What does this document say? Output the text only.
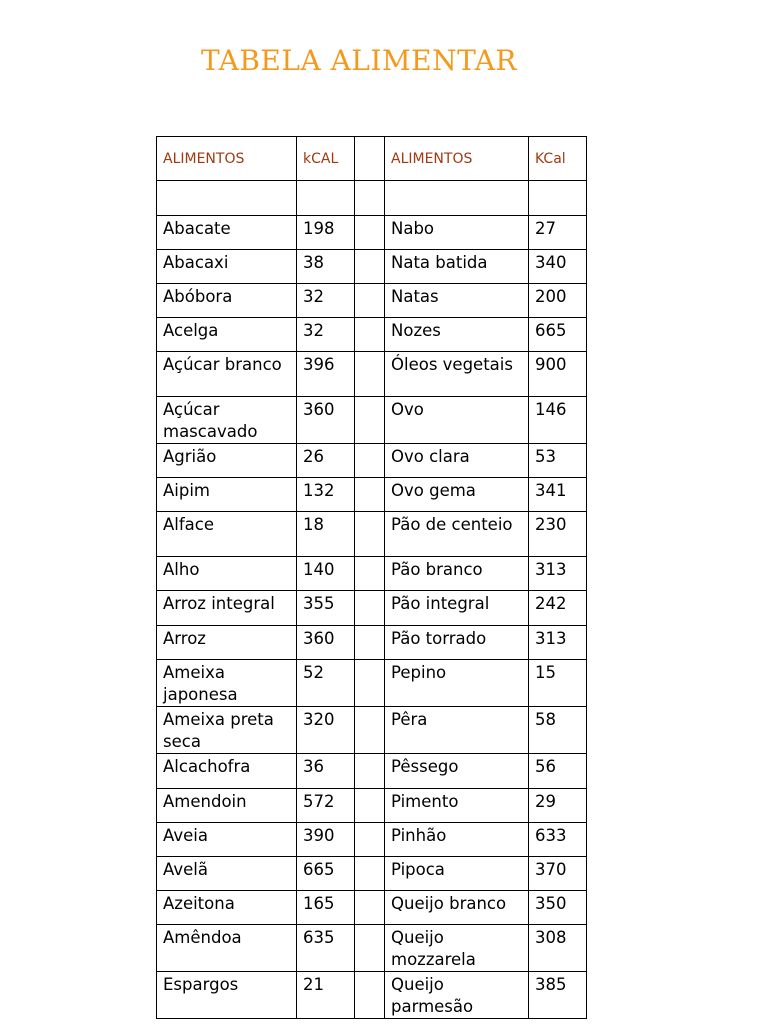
TABELA ALIMENTAR
ALIMENTOS	kCAL		ALIMENTOS	KCal

Abacate	198		Nabo	27
Abacaxi	38		Nata batida	340
Abóbora	32		Natas	200
Acelga	32		Nozes	665
Açúcar branco	396		Óleos vegetais	900
Açúcar mascavado	360		Ovo	146
Agrião	26		Ovo clara	53
Aipim	132		Ovo gema	341
Alface	18		Pão de centeio	230
Alho	140		Pão branco	313
Arroz integral	355		Pão integral	242
Arroz	360		Pão torrado	313
Ameixa japonesa	52		Pepino	15
Ameixa preta seca	320		Pêra	58
Alcachofra	36		Pêssego	56
Amendoin	572		Pimento	29
Aveia	390		Pinhão	633
Avelã	665		Pipoca	370
Azeitona	165		Queijo branco	350
Amêndoa	635		Queijo mozzarela	308
Espargos	21		Queijo parmesão	385
